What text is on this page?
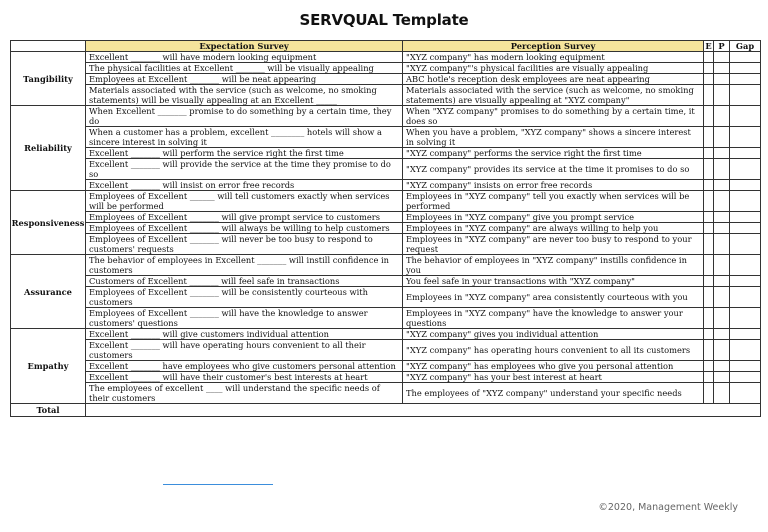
SERVQUAL Template
	Expectation Survey	Perception Survey	E	P	Gap
Tangibility	Excellent _______ will have modern looking equipment	"XYZ company" has modern looking equipment			
	The physical facilities at Excellent _______ will be visually appealing	"XYZ company"'s physical facilities are visually appealing			
	Employees at Excellent _______ will be neat appearing	ABC hotle's reception desk employees are neat appearing			
	Materials associated with the service (such as welcome, no smoking statements) will be visually appealing at an Excellent _____	Materials associated with the service (such as welcome, no smoking statements) are visually appealing at "XYZ company"			
Reliability	When Excellent _______ promise to do something by a certain time, they do	When "XYZ company" promises to do something by a certain time, it does so			
	When a customer has a problem, excellent ________ hotels will show a sincere interest in solving it	When you have a problem, "XYZ company" shows a sincere interest in solving it			
	Excellent _______ will perform the service right the first time	"XYZ company" performs the service right the first time			
	Excellent _______ will provide the service at the time they promise to do so	"XYZ company" provides its service at the time it promises to do so			
	Excellent _______ will insist on error free records	"XYZ company" insists on error free records			
Responsiveness	Employees of Excellent ______ will tell customers exactly when services will be performed	Employees in "XYZ company" tell you exactly when services will be performed			
	Employees of Excellent _______ will give prompt service to customers	Employees in "XYZ company" give you prompt service			
	Employees of Excellent _______ will always be willing to help customers	Employees in "XYZ company" are always willing to help you			
	Employees of Excellent _______ will never be too busy to respond to customers' requests	Employees in "XYZ company" are never too busy to respond to your request			
Assurance	The behavior of employees in Excellent _______ will instill confidence in customers	The behavior of employees in "XYZ company" instills confidence in you			
	Customers of Excellent _______ will feel safe in transactions	You feel safe in your transactions with "XYZ company"			
	Employees of Excellent _______ will be consistently courteous with customers	Employees in "XYZ company" area consistently courteous with you			
	Employees of Excellent _______ will have the knowledge to answer customers' questions	Employees in "XYZ company" have the knowledge to answer your questions			
Empathy	Excellent _______ will give customers individual attention	"XYZ company" gives you individual attention			
	Excellent _______ will have operating hours convenient to all their customers	"XYZ company" has operating hours convenient to all its customers			
	Excellent _______ have employees who give customers personal attention	"XYZ company" has employees who give you personal attention			
	Excellent _______ will have their customer's best interests at heart	"XYZ company" has your best interest at heart			
	The employees of excellent ____ will understand the specific needs of their customers	The employees of "XYZ company" understand your specific needs			
Total					
©2020, Management Weekly
